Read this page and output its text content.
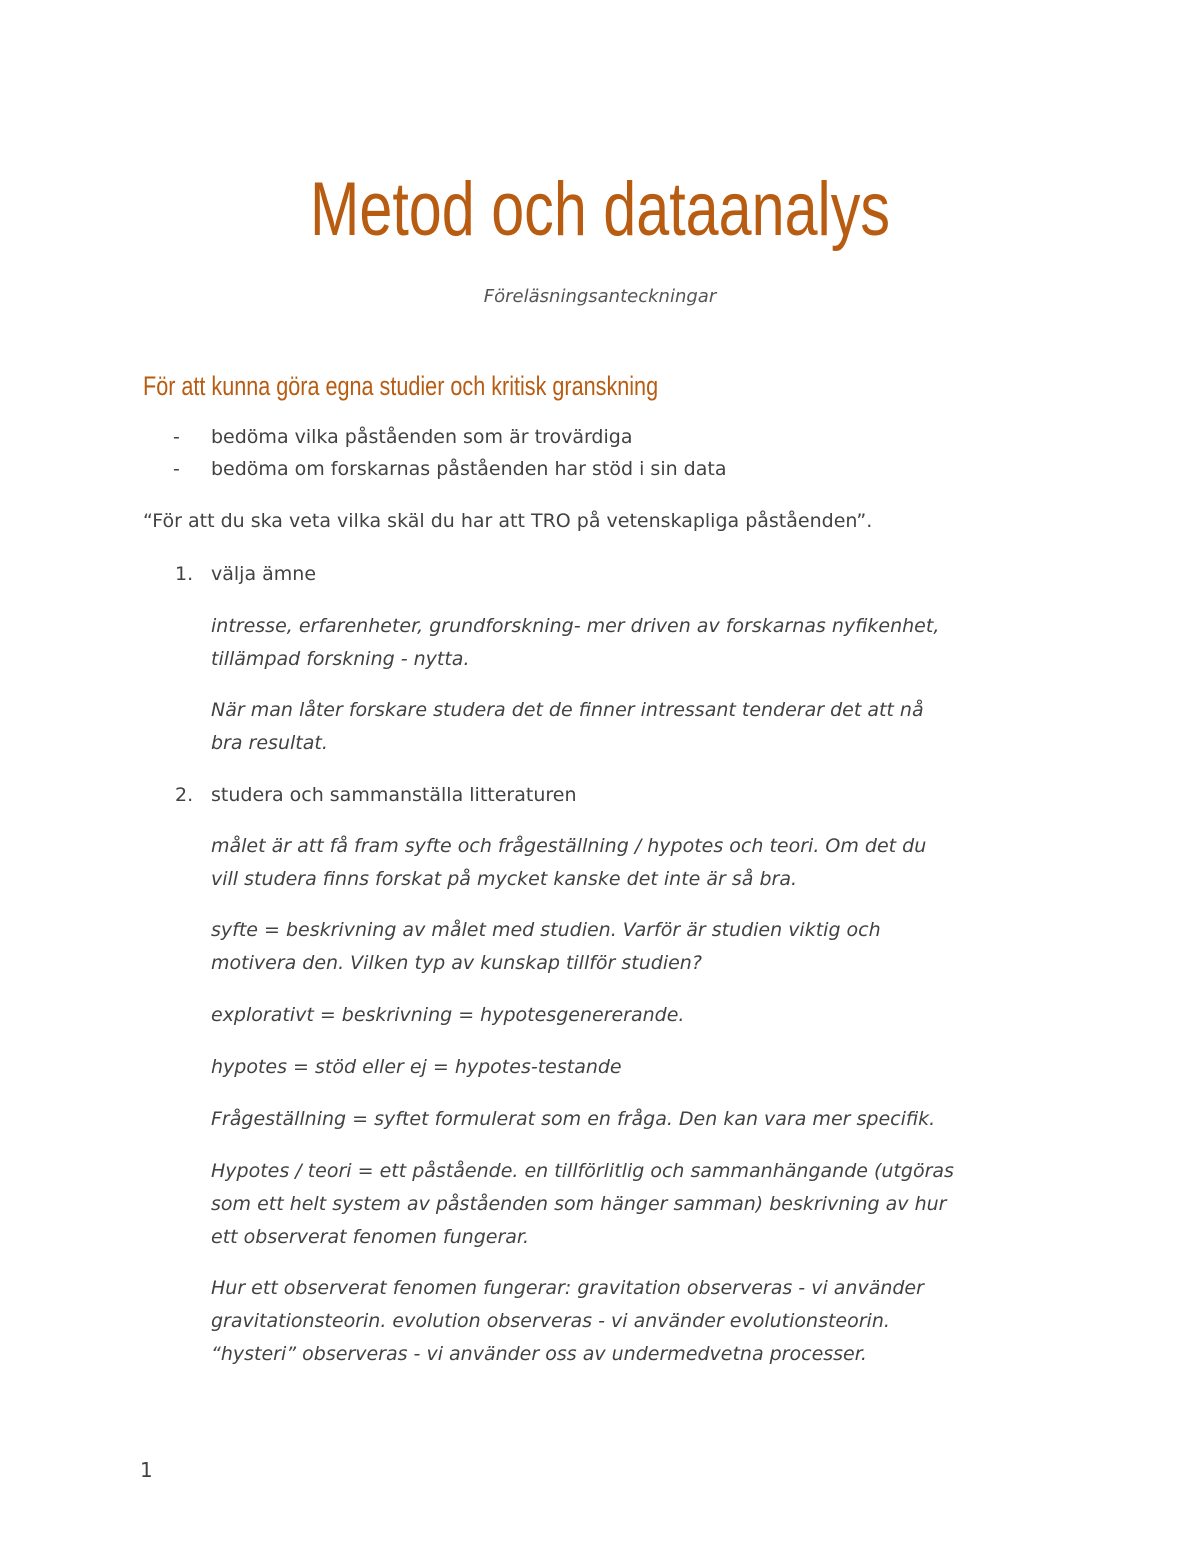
Metod och dataanalys
Föreläsningsanteckningar
För att kunna göra egna studier och kritisk granskning
- bedöma vilka påståenden som är trovärdiga
- bedöma om forskarnas påståenden har stöd i sin data
“För att du ska veta vilka skäl du har att TRO på vetenskapliga påståenden”.
1. välja ämne

intresse, erfarenheter, grundforskning- mer driven av forskarnas nyfikenhet,
tillämpad forskning - nytta.

När man låter forskare studera det de finner intressant tenderar det att nå
bra resultat.

2. studera och sammanställa litteraturen

målet är att få fram syfte och frågeställning / hypotes och teori. Om det du
vill studera finns forskat på mycket kanske det inte är så bra.

syfte = beskrivning av målet med studien. Varför är studien viktig och
motivera den. Vilken typ av kunskap tillför studien?

explorativt = beskrivning = hypotesgenererande.

hypotes = stöd eller ej = hypotes-testande

Frågeställning = syftet formulerat som en fråga. Den kan vara mer specifik.

Hypotes / teori = ett påstående. en tillförlitlig och sammanhängande (utgöras
som ett helt system av påståenden som hänger samman) beskrivning av hur
ett observerat fenomen fungerar.

Hur ett observerat fenomen fungerar: gravitation observeras - vi använder
gravitationsteorin. evolution observeras - vi använder evolutionsteorin.
“hysteri” observeras - vi använder oss av undermedvetna processer.

1
